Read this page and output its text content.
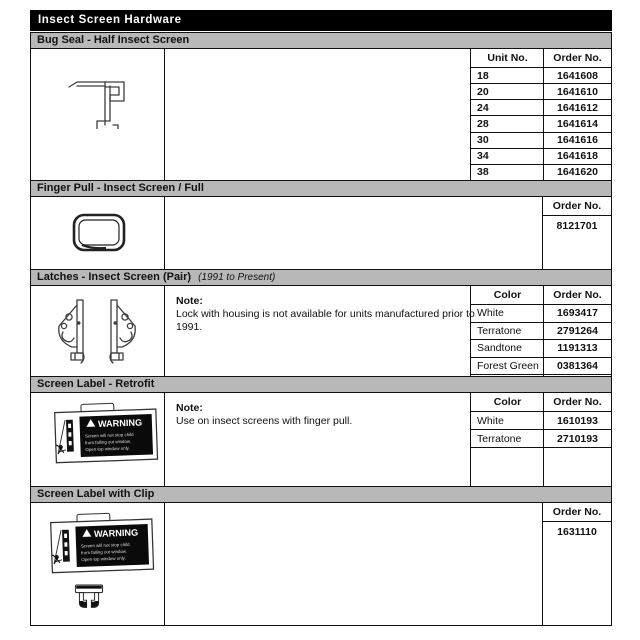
Insect Screen Hardware
Bug Seal - Half Insect Screen
Unit No.	Order No.
18	1641608
20	1641610
24	1641612
28	1641614
30	1641616
34	1641618
38	1641620
Finger Pull - Insect Screen / Full
Order No.
8121701
Latches - Insect Screen (Pair) (1991 to Present)
Note:
Lock with housing is not available for units manufactured prior to 1991.
Color	Order No.
White	1693417
Terratone	2791264
Sandtone	1191313
Forest Green	0381364
Screen Label - Retrofit
WARNING
Screen will not stop child
from falling out window.
Open top window only.
Note:
Use on insect screens with finger pull.
Color	Order No.
White	1610193
Terratone	2710193
Screen Label with Clip
WARNING
Screen will not stop child
from falling out window.
Open top window only.
Order No.
1631110
